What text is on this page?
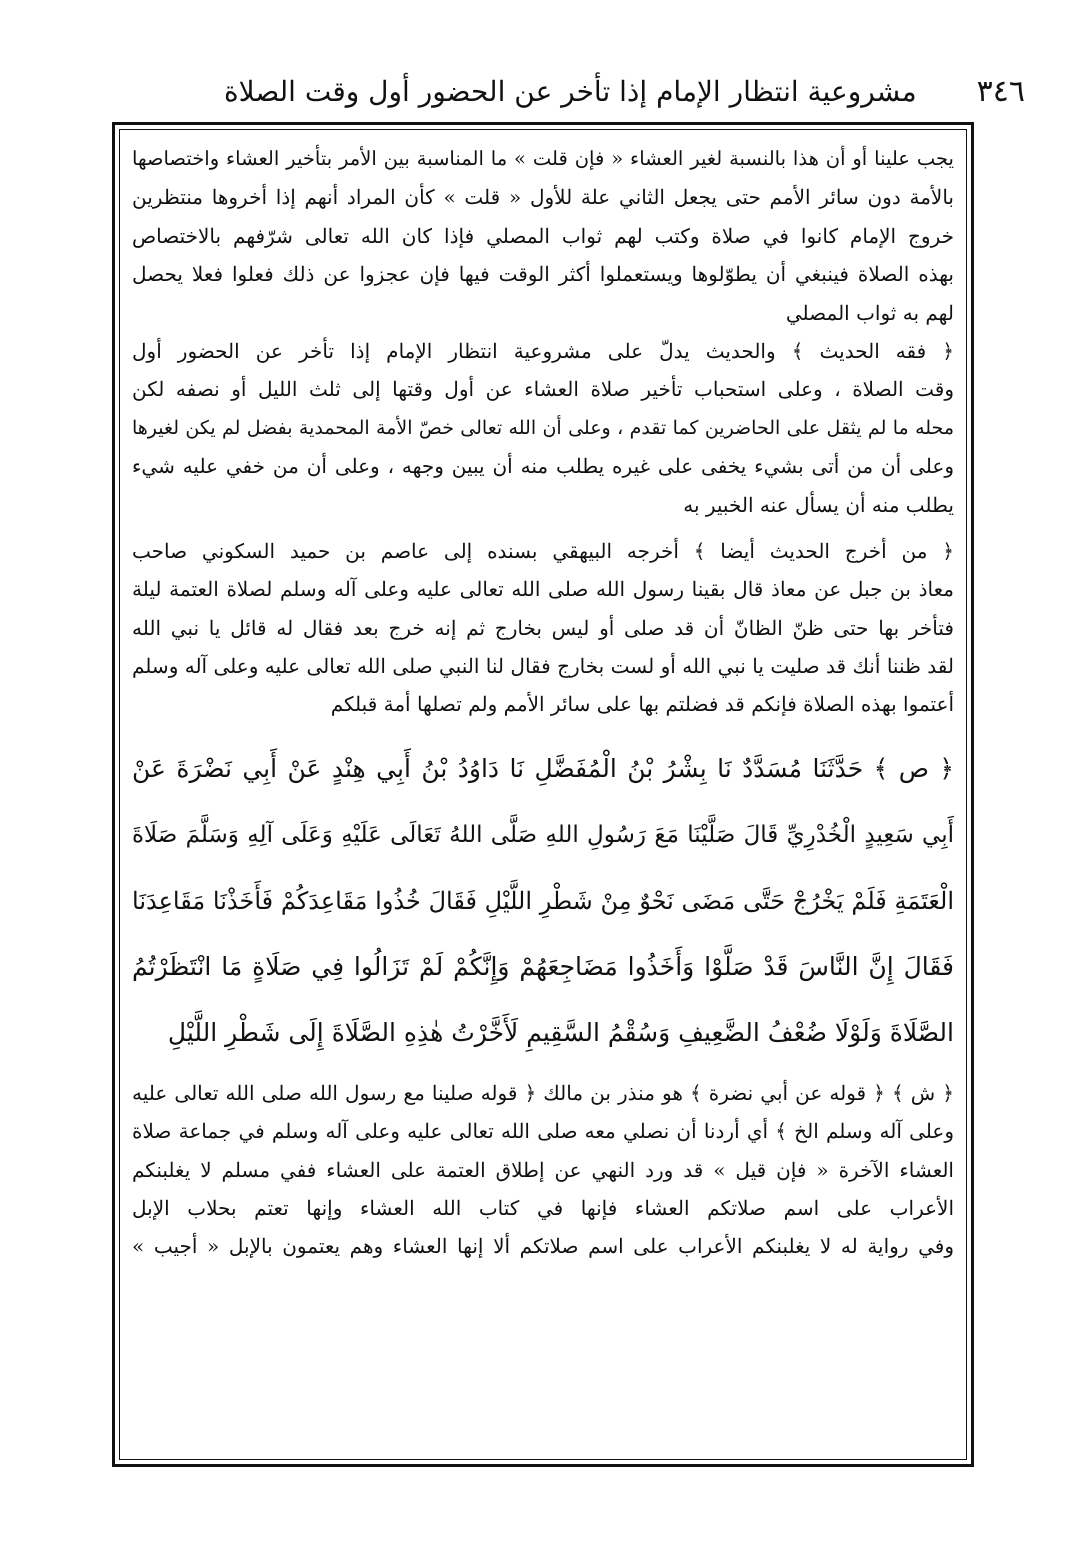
٣٤٦
مشروعية انتظار الإمام إذا تأخر عن الحضور أول وقت الصلاة
يجب علينا أو أن هذا بالنسبة لغير العشاء « فإن قلت » ما المناسبة بين الأمر بتأخير العشاء واختصاصها
بالأمة دون سائر الأمم حتى يجعل الثاني علة للأول « قلت » كأن المراد أنهم إذا أخروها منتظرين
خروج الإمام كانوا في صلاة وكتب لهم ثواب المصلي فإذا كان الله تعالى شرّفهم بالاختصاص
بهذه الصلاة فينبغي أن يطوّلوها ويستعملوا أكثر الوقت فيها فإن عجزوا عن ذلك فعلوا فعلا يحصل
لهم به ثواب المصلي
﴿ فقه الحديث ﴾ والحديث يدلّ على مشروعية انتظار الإمام إذا تأخر عن الحضور أول
وقت الصلاة ، وعلى استحباب تأخير صلاة العشاء عن أول وقتها إلى ثلث الليل أو نصفه لكن
محله ما لم يثقل على الحاضرين كما تقدم ، وعلى أن الله تعالى خصّ الأمة المحمدية بفضل لم يكن لغيرها
وعلى أن من أتى بشيء يخفى على غيره يطلب منه أن يبين وجهه ، وعلى أن من خفي عليه شيء
يطلب منه أن يسأل عنه الخبير به
﴿ من أخرج الحديث أيضا ﴾ أخرجه البيهقي بسنده إلى عاصم بن حميد السكوني صاحب
معاذ بن جبل عن معاذ قال بقينا رسول الله صلى الله تعالى عليه وعلى آله وسلم لصلاة العتمة ليلة
فتأخر بها حتى ظنّ الظانّ أن قد صلى أو ليس بخارج ثم إنه خرج بعد فقال له قائل يا نبي الله
لقد ظننا أنك قد صليت يا نبي الله أو لست بخارج فقال لنا النبي صلى الله تعالى عليه وعلى آله وسلم
أعتموا بهذه الصلاة فإنكم قد فضلتم بها على سائر الأمم ولم تصلها أمة قبلكم
﴿ ص ﴾ حَدَّثَنَا مُسَدَّدٌ نَا بِشْرُ بْنُ الْمُفَضَّلِ نَا دَاوُدُ بْنُ أَبِي هِنْدٍ عَنْ أَبِي نَضْرَةَ عَنْ
أَبِي سَعِيدٍ الْخُدْرِيِّ قَالَ صَلَّيْنَا مَعَ رَسُولِ اللهِ صَلَّى اللهُ تَعَالَى عَلَيْهِ وَعَلَى آلِهِ وَسَلَّمَ صَلَاةَ
الْعَتَمَةِ فَلَمْ يَخْرُجْ حَتَّى مَضَى نَحْوٌ مِنْ شَطْرِ اللَّيْلِ فَقَالَ خُذُوا مَقَاعِدَكُمْ فَأَخَذْنَا مَقَاعِدَنَا
فَقَالَ إِنَّ النَّاسَ قَدْ صَلَّوْا وَأَخَذُوا مَضَاجِعَهُمْ وَإِنَّكُمْ لَمْ تَزَالُوا فِي صَلَاةٍ مَا انْتَظَرْتُمُ
الصَّلَاةَ وَلَوْلَا ضُعْفُ الضَّعِيفِ وَسُقْمُ السَّقِيمِ لَأَخَّرْتُ هٰذِهِ الصَّلَاةَ إِلَى شَطْرِ اللَّيْلِ
﴿ ش ﴾ ﴿ قوله عن أبي نضرة ﴾ هو منذر بن مالك ﴿ قوله صلينا مع رسول الله صلى الله تعالى عليه
وعلى آله وسلم الخ ﴾ أي أردنا أن نصلي معه صلى الله تعالى عليه وعلى آله وسلم في جماعة صلاة
العشاء الآخرة « فإن قيل » قد ورد النهي عن إطلاق العتمة على العشاء ففي مسلم لا يغلبنكم
الأعراب على اسم صلاتكم العشاء فإنها في كتاب الله العشاء وإنها تعتم بحلاب الإبل
وفي رواية له لا يغلبنكم الأعراب على اسم صلاتكم ألا إنها العشاء وهم يعتمون بالإبل « أجيب »
